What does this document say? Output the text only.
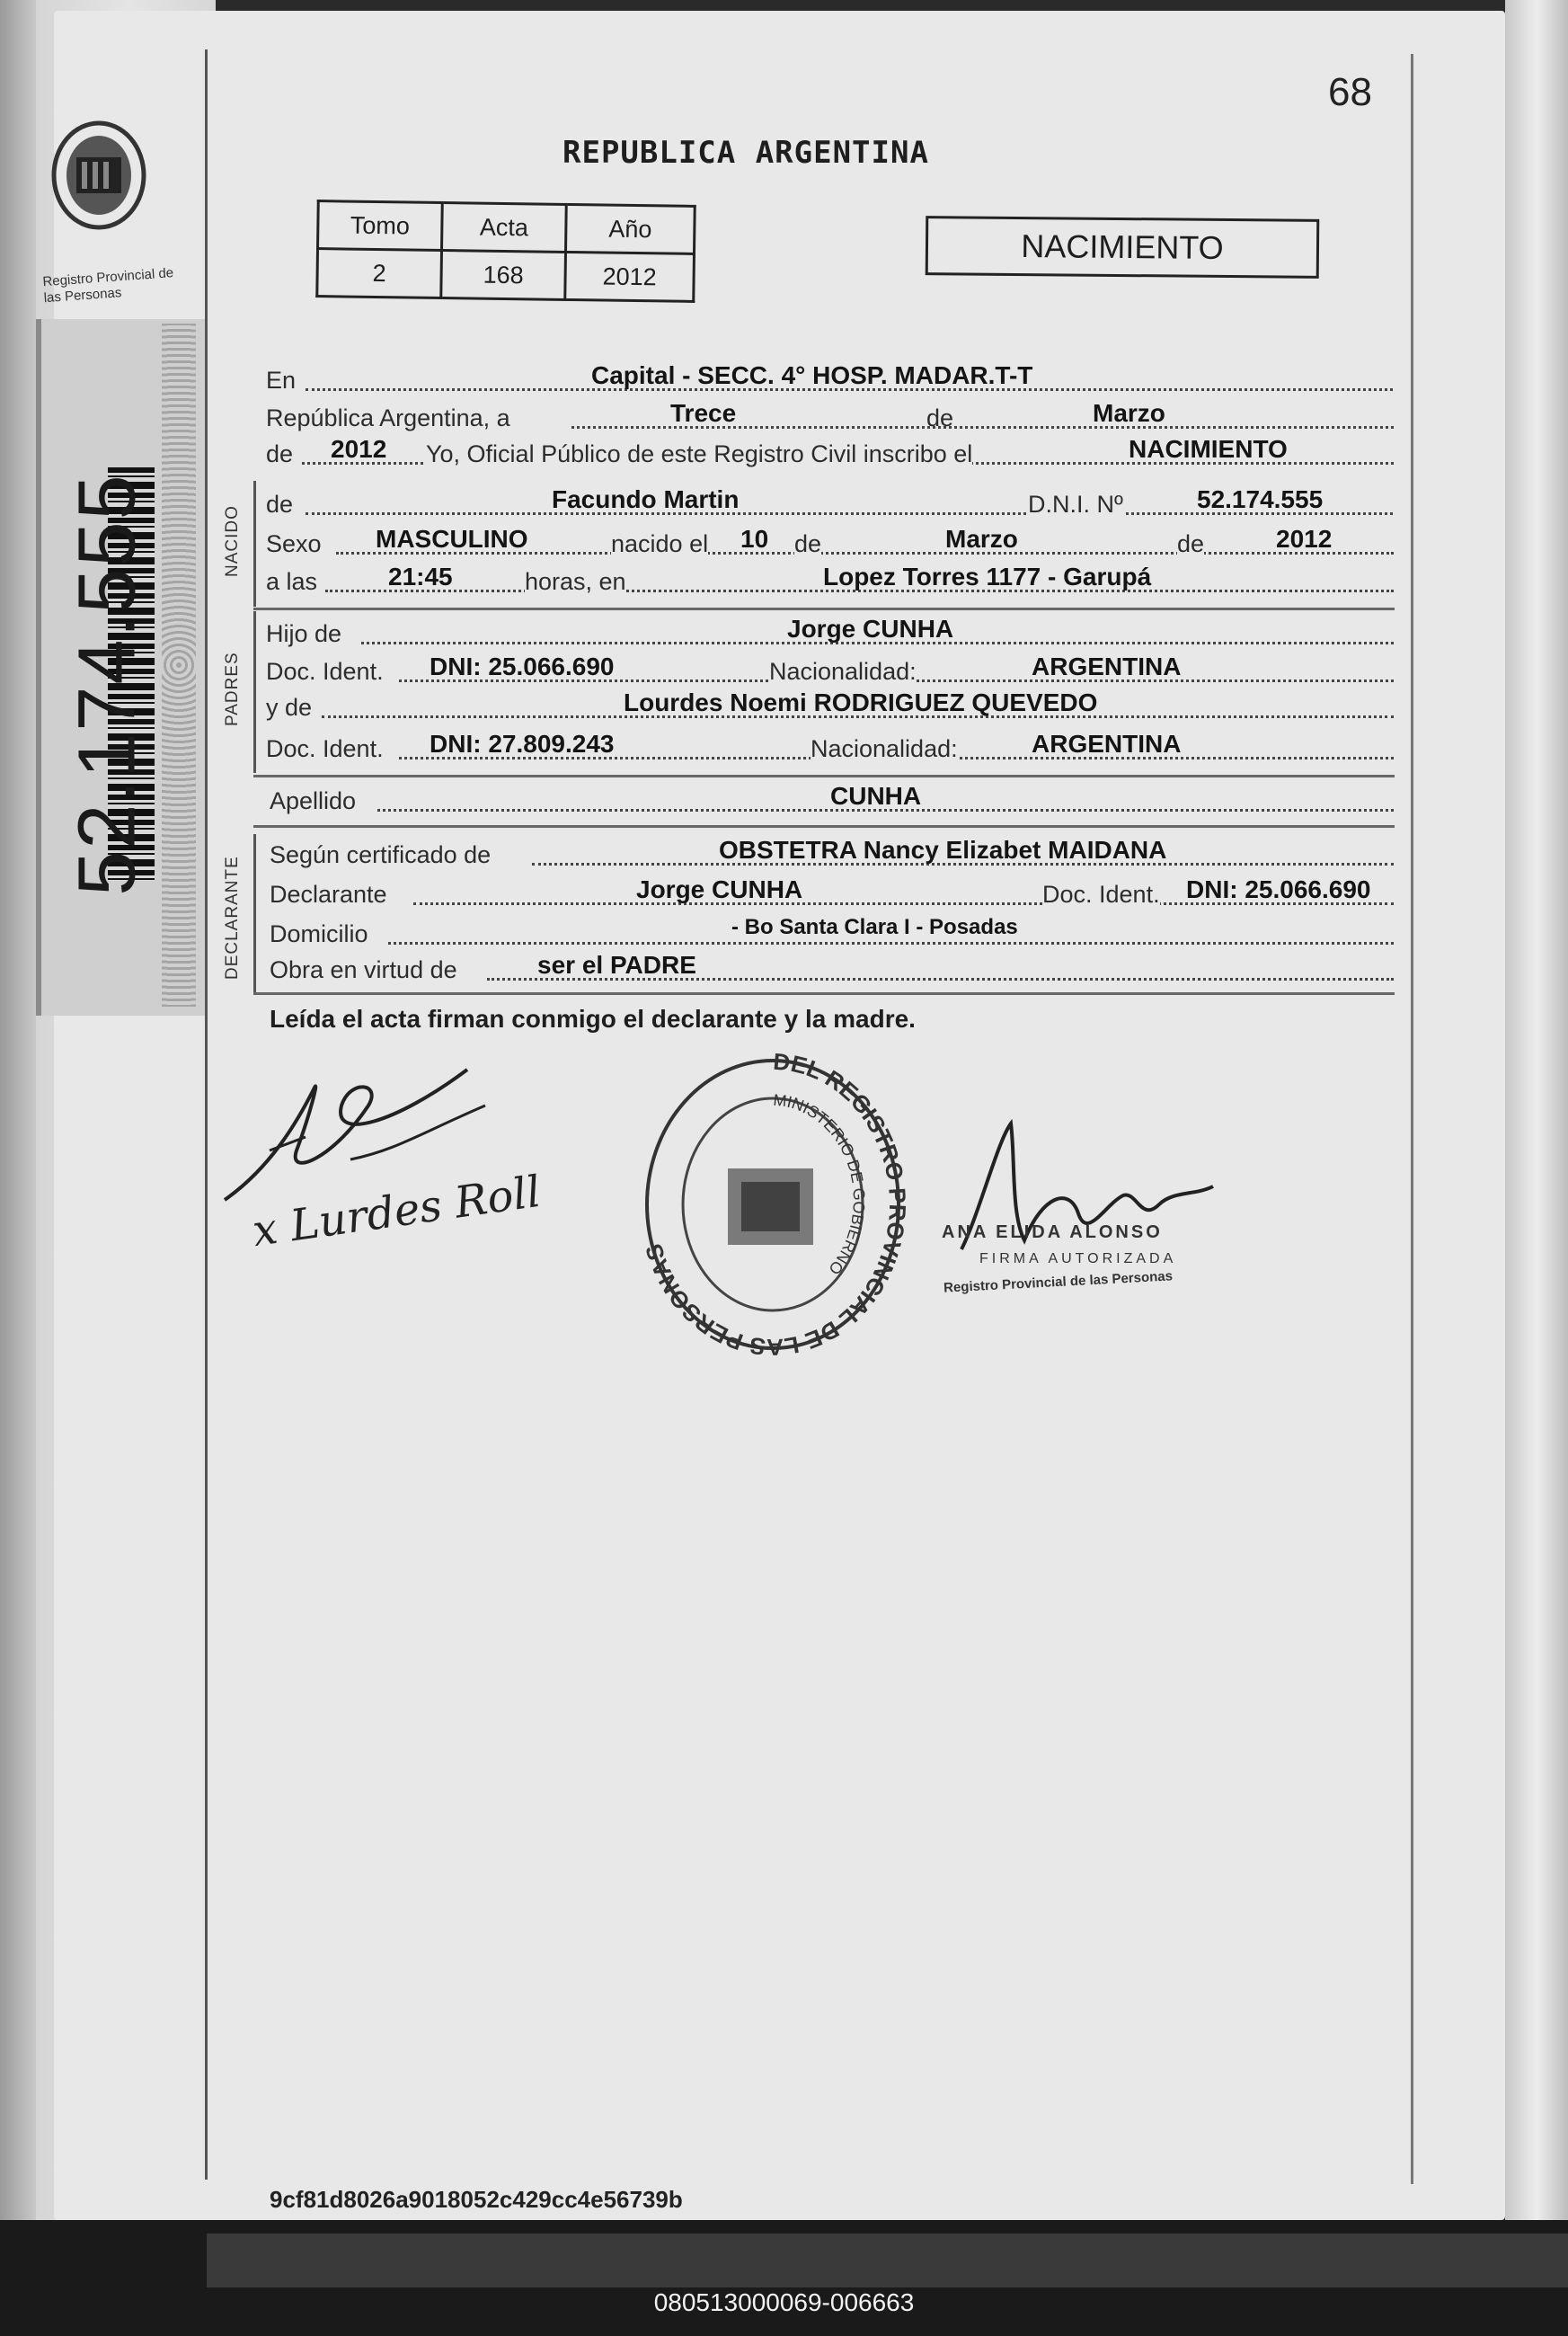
Registro Provincial de las Personas
52.174.555
68
REPUBLICA ARGENTINA
Tomo	Acta	Año
2	168	2012
NACIMIENTO
En	Capital - SECC. 4° HOSP. MADAR.T-T
República Argentina, a	Trece	de	Marzo
de 2012 Yo, Oficial Público de este Registro Civil inscribo el	NACIMIENTO
NACIDO
de	Facundo Martin	D.N.I. Nº	52.174.555
Sexo MASCULINO	nacido el 10 de	Marzo	de	2012
a las	21:45	horas, en	Lopez Torres 1177 - Garupá
PADRES
Hijo de	Jorge CUNHA
Doc. Ident. DNI: 25.066.690	Nacionalidad:	ARGENTINA
y de	Lourdes Noemi RODRIGUEZ QUEVEDO
Doc. Ident. DNI: 27.809.243	Nacionalidad:	ARGENTINA
Apellido	CUNHA
DECLARANTE
Según certificado de	OBSTETRA Nancy Elizabet MAIDANA
Declarante	Jorge CUNHA	Doc. Ident. DNI: 25.066.690
Domicilio	- Bo Santa Clara I - Posadas
Obra en virtud de	ser el PADRE
Leída el acta firman conmigo el declarante y la madre.
x Lurdes Roll
DEL REGISTRO PROVINCIAL DE LAS PERSONAS
MINISTERIO DE GOBIERNO
ANA ELIDA ALONSO
FIRMA AUTORIZADA
Registro Provincial de las Personas
9cf81d8026a9018052c429cc4e56739b
080513000069-006663
